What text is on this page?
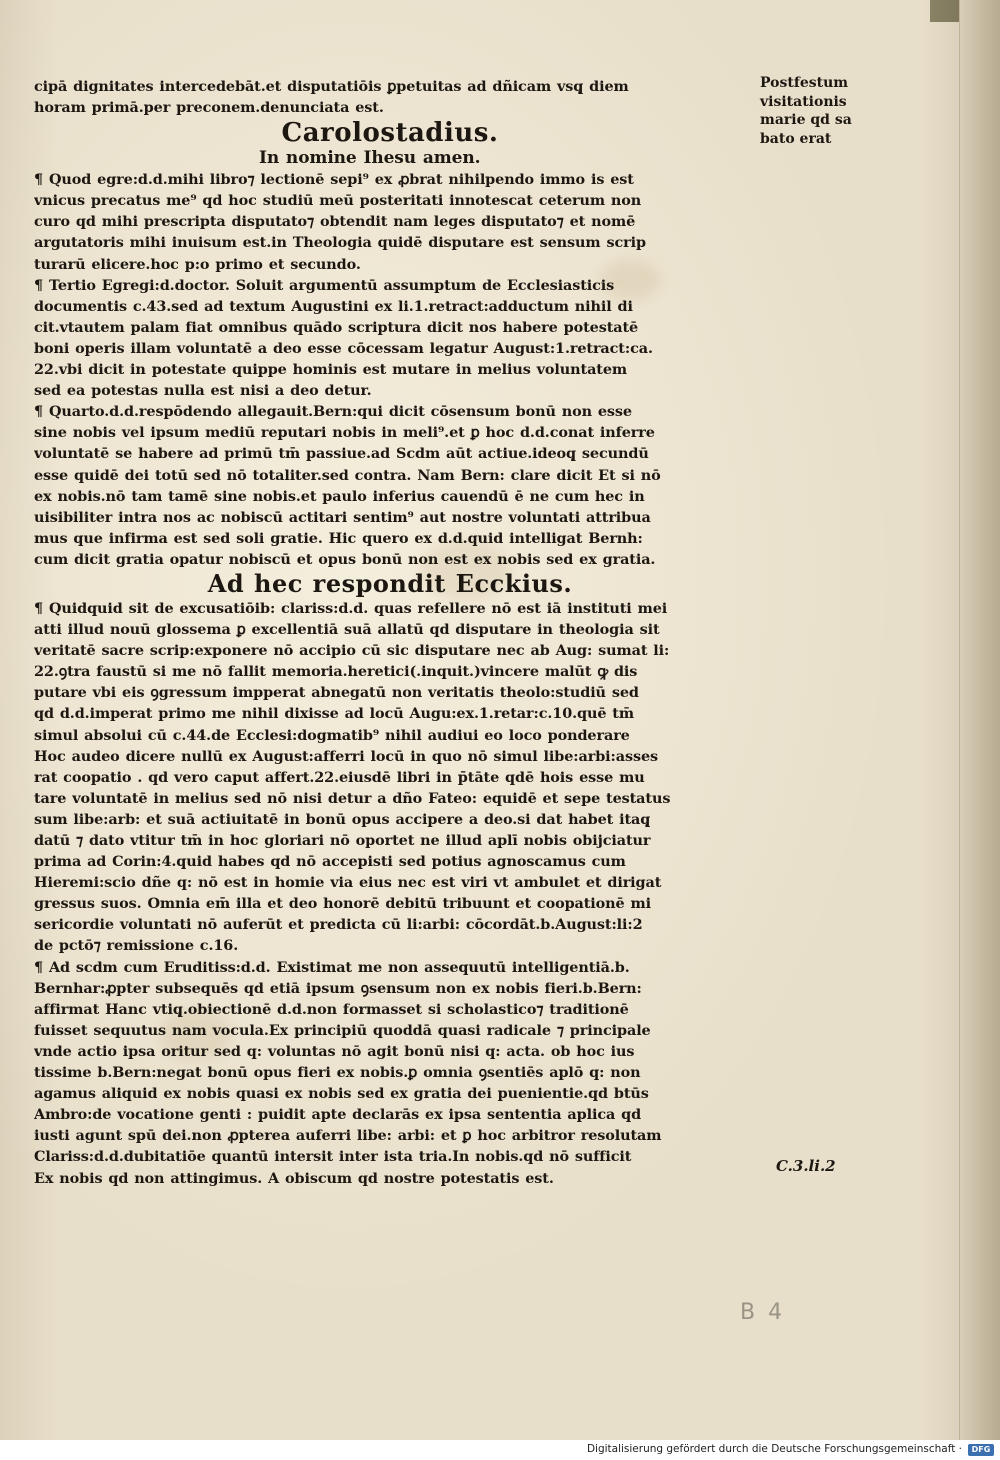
cipā dignitates intercedebāt.et disputatiōis ꝑpetuitas ad dñicam vsq̨ diem
horam primā.per preconem.denunciata est.
Carolostadius.
In nomine Ihesu amen.
¶ Quod egre:d.d.mihi libro⁊ lectionē sepi⁹ ex ꝓbrat nihilpendo immo is est
vnicus precatus me⁹ qd hoc studiū meū posteritati innotescat ceterum non
curo qd mihi prescripta disputato⁊ obtendit nam leges disputato⁊ et nomē
argutatoris mihi inuisum est.in Theologia quidē disputare est sensum scrip
turarū elicere.hoc p:o primo et secundo.
¶ Tertio Egregi:d.doctor. Soluit argumentū assumptum de Ecclesiasticis
documentis c.43.sed ad textum Augustini ex li.1.retract:adductum nihil di
cit.vtautem palam fiat omnibus quādo scriptura dicit nos habere potestatē
boni operis illam voluntatē a deo esse cōcessam legatur August:1.retract:ca.
22.vbi dicit in potestate quippe hominis est mutare in melius voluntatem
sed ea potestas nulla est nisi a deo detur.
¶ Quarto.d.d.respōdendo allegauit.Bern:qui dicit cōsensum bonū non esse
sine nobis vel ipsum mediū reputari nobis in meli⁹.et ꝑ hoc d.d.conat inferre
voluntatē se habere ad primū tm̄ passiue.ad Scdm aūt actiue.ideoq̨ secundū
esse quidē dei totū sed nō totaliter.sed contra. Nam Bern: clare dicit Et si nō
ex nobis.nō tam tamē sine nobis.et paulo inferius cauendū ē ne cum hec in
uisibiliter intra nos ac nobiscū actitari sentim⁹ aut nostre voluntati attribua
mus que infirma est sed soli gratie. Hic quero ex d.d.quid intelligat Bernh:
cum dicit gratia opatur nobiscū et opus bonū non est ex nobis sed ex gratia.
Ad hec respondit Ecckius.
¶ Quidquid sit de excusatiōib: clariss:d.d. quas refellere nō est iā instituti mei
atti illud nouū glossema ꝑ excellentiā suā allatū qd disputare in theologia sit
veritatē sacre scrip:exponere nō accipio cū sic disputare nec ab Aug: sumat li:
22.ꝯtra faustū si me nō fallit memoria.heretici(.inquit.)vincere malūt ꝙ dis
putare vbi eis ꝯgressum impperat abnegatū non veritatis theolo:studiū sed
qd d.d.imperat primo me nihil dixisse ad locū Augu:ex.1.retar:c.10.quē tm̄
simul absolui cū c.44.de Ecclesi:dogmatib⁹ nihil audiui eo loco ponderare
Hoc audeo dicere nullū ex August:afferri locū in quo nō simul libe:arbi:asses
rat coopatio . qd vero caput affert.22.eiusdē libri in p̄tāte qdē hois esse mu
tare voluntatē in melius sed nō nisi detur a dño Fateo: equidē et sepe testatus
sum libe:arb: et suā actiuitatē in bonū opus accipere a deo.si dat habet itaq̨
datū ⁊ dato vtitur tm̄ in hoc gloriari nō oportet ne illud aplī nobis obijciatur
prima ad Corin:4.quid habes qd nō accepisti sed potius agnoscamus cum
Hieremi:scio dñe q: nō est in homie via eius nec est viri vt ambulet et dirigat
gressus suos. Omnia em̄ illa et deo honorē debitū tribuunt et coopationē mi
sericordie voluntati nō auferūt et predicta cū li:arbi: cōcordāt.b.August:li:2
de pctō⁊ remissione c.16.
¶ Ad scdm cum Eruditiss:d.d. Existimat me non assequutū intelligentiā.b.
Bernhar:ꝓpter subsequēs qd etiā ipsum ꝯsensum non ex nobis fieri.b.Bern:
affirmat Hanc vtiq̨.obiectionē d.d.non formasset si scholastico⁊ traditionē
fuisset sequutus nam vocula.Ex principiū quoddā quasi radicale ⁊ principale
vnde actio ipsa oritur sed q: voluntas nō agit bonū nisi q: acta. ob hoc ius
tissime b.Bern:negat bonū opus fieri ex nobis.ꝑ omnia ꝯsentiēs aplō q: non
agamus aliquid ex nobis quasi ex nobis sed ex gratia dei puenientie.qd btūs
Ambro:de vocatione genti : puidit apte declarās ex ipsa sententia aplica qd
iusti agunt spū dei.non ꝓpterea auferri libe: arbi: et ꝑ hoc arbitror resolutam
Clariss:d.d.dubitatiōe quantū intersit inter ista tria.In nobis.qd nō sufficit
Ex nobis qd non attingimus. A obiscum qd nostre potestatis est.
Postfestum
visitationis
marie qd sa
bato erat
C.3.li.2
B 4
Digitalisierung gefördert durch die Deutsche Forschungsgemeinschaft ·	DFG
